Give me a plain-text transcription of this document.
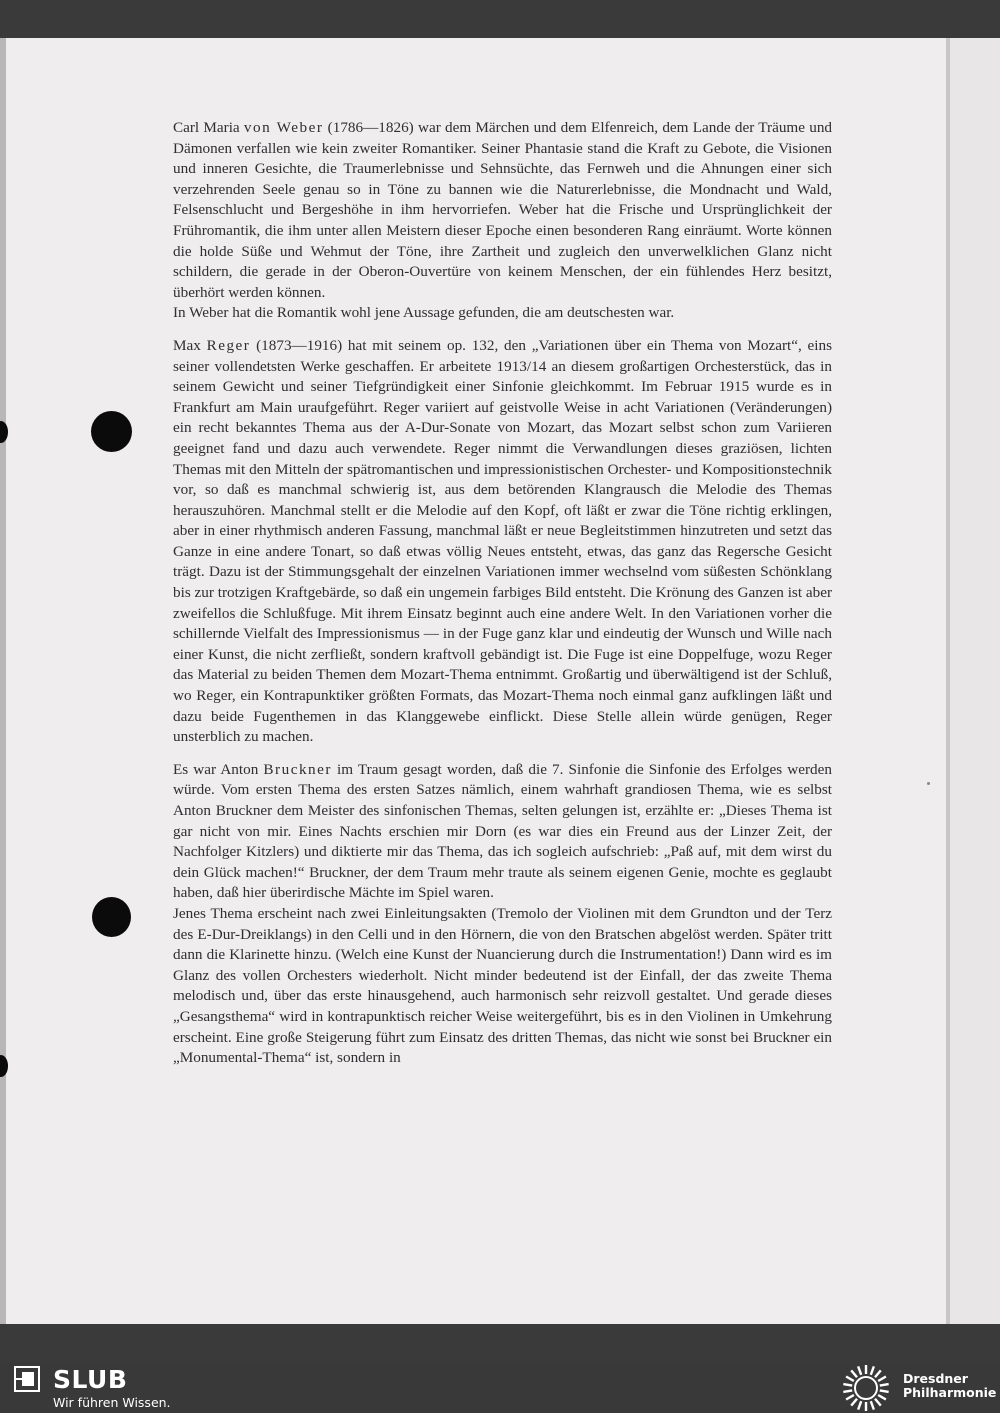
Carl Maria von Weber (1786—1826) war dem Märchen und dem Elfenreich, dem Lande der Träume und Dämonen verfallen wie kein zweiter Romantiker. Seiner Phantasie stand die Kraft zu Gebote, die Visionen und inneren Gesichte, die Traumerlebnisse und Sehnsüchte, das Fernweh und die Ahnungen einer sich verzehrenden Seele genau so in Töne zu bannen wie die Naturerlebnisse, die Mondnacht und Wald, Felsenschlucht und Bergeshöhe in ihm hervorriefen. Weber hat die Frische und Ursprünglichkeit der Frühromantik, die ihm unter allen Meistern dieser Epoche einen besonderen Rang einräumt. Worte können die holde Süße und Wehmut der Töne, ihre Zartheit und zugleich den unverwelklichen Glanz nicht schildern, die gerade in der Oberon-Ouvertüre von keinem Menschen, der ein fühlendes Herz besitzt, überhört werden können.

In Weber hat die Romantik wohl jene Aussage gefunden, die am deutschesten war.

Max Reger (1873—1916) hat mit seinem op. 132, den „Variationen über ein Thema von Mozart“, eins seiner vollendetsten Werke geschaffen. Er arbeitete 1913/14 an diesem großartigen Orchesterstück, das in seinem Gewicht und seiner Tiefgründigkeit einer Sinfonie gleichkommt. Im Februar 1915 wurde es in Frankfurt am Main uraufgeführt. Reger variiert auf geistvolle Weise in acht Variationen (Veränderungen) ein recht bekanntes Thema aus der A-Dur-Sonate von Mozart, das Mozart selbst schon zum Variieren geeignet fand und dazu auch verwendete. Reger nimmt die Verwandlungen dieses graziösen, lichten Themas mit den Mitteln der spätromantischen und impressionistischen Orchester- und Kompositionstechnik vor, so daß es manchmal schwierig ist, aus dem betörenden Klangrausch die Melodie des Themas herauszuhören. Manchmal stellt er die Melodie auf den Kopf, oft läßt er zwar die Töne richtig erklingen, aber in einer rhythmisch anderen Fassung, manchmal läßt er neue Begleitstimmen hinzutreten und setzt das Ganze in eine andere Tonart, so daß etwas völlig Neues entsteht, etwas, das ganz das Regersche Gesicht trägt. Dazu ist der Stimmungsgehalt der einzelnen Variationen immer wechselnd vom süßesten Schönklang bis zur trotzigen Kraftgebärde, so daß ein ungemein farbiges Bild entsteht. Die Krönung des Ganzen ist aber zweifellos die Schlußfuge. Mit ihrem Einsatz beginnt auch eine andere Welt. In den Variationen vorher die schillernde Vielfalt des Impressionismus — in der Fuge ganz klar und eindeutig der Wunsch und Wille nach einer Kunst, die nicht zerfließt, sondern kraftvoll gebändigt ist. Die Fuge ist eine Doppelfuge, wozu Reger das Material zu beiden Themen dem Mozart-Thema entnimmt. Großartig und überwältigend ist der Schluß, wo Reger, ein Kontrapunktiker größten Formats, das Mozart-Thema noch einmal ganz aufklingen läßt und dazu beide Fugenthemen in das Klanggewebe einflickt. Diese Stelle allein würde genügen, Reger unsterblich zu machen.

Es war Anton Bruckner im Traum gesagt worden, daß die 7. Sinfonie die Sinfonie des Erfolges werden würde. Vom ersten Thema des ersten Satzes nämlich, einem wahrhaft grandiosen Thema, wie es selbst Anton Bruckner dem Meister des sinfonischen Themas, selten gelungen ist, erzählte er: „Dieses Thema ist gar nicht von mir. Eines Nachts erschien mir Dorn (es war dies ein Freund aus der Linzer Zeit, der Nachfolger Kitzlers) und diktierte mir das Thema, das ich sogleich aufschrieb: „Paß auf, mit dem wirst du dein Glück machen!“ Bruckner, der dem Traum mehr traute als seinem eigenen Genie, mochte es geglaubt haben, daß hier überirdische Mächte im Spiel waren.

Jenes Thema erscheint nach zwei Einleitungsakten (Tremolo der Violinen mit dem Grundton und der Terz des E-Dur-Dreiklangs) in den Celli und in den Hörnern, die von den Bratschen abgelöst werden. Später tritt dann die Klarinette hinzu. (Welch eine Kunst der Nuancierung durch die Instrumentation!) Dann wird es im Glanz des vollen Orchesters wiederholt. Nicht minder bedeutend ist der Einfall, der das zweite Thema melodisch und, über das erste hinausgehend, auch harmonisch sehr reizvoll gestaltet. Und gerade dieses „Gesangsthema“ wird in kontrapunktisch reicher Weise weitergeführt, bis es in den Violinen in Umkehrung erscheint. Eine große Steigerung führt zum Einsatz des dritten Themas, das nicht wie sonst bei Bruckner ein „Monumental-Thema“ ist, sondern in

SLUB
Wir führen Wissen.
Dresdner
Philharmonie
